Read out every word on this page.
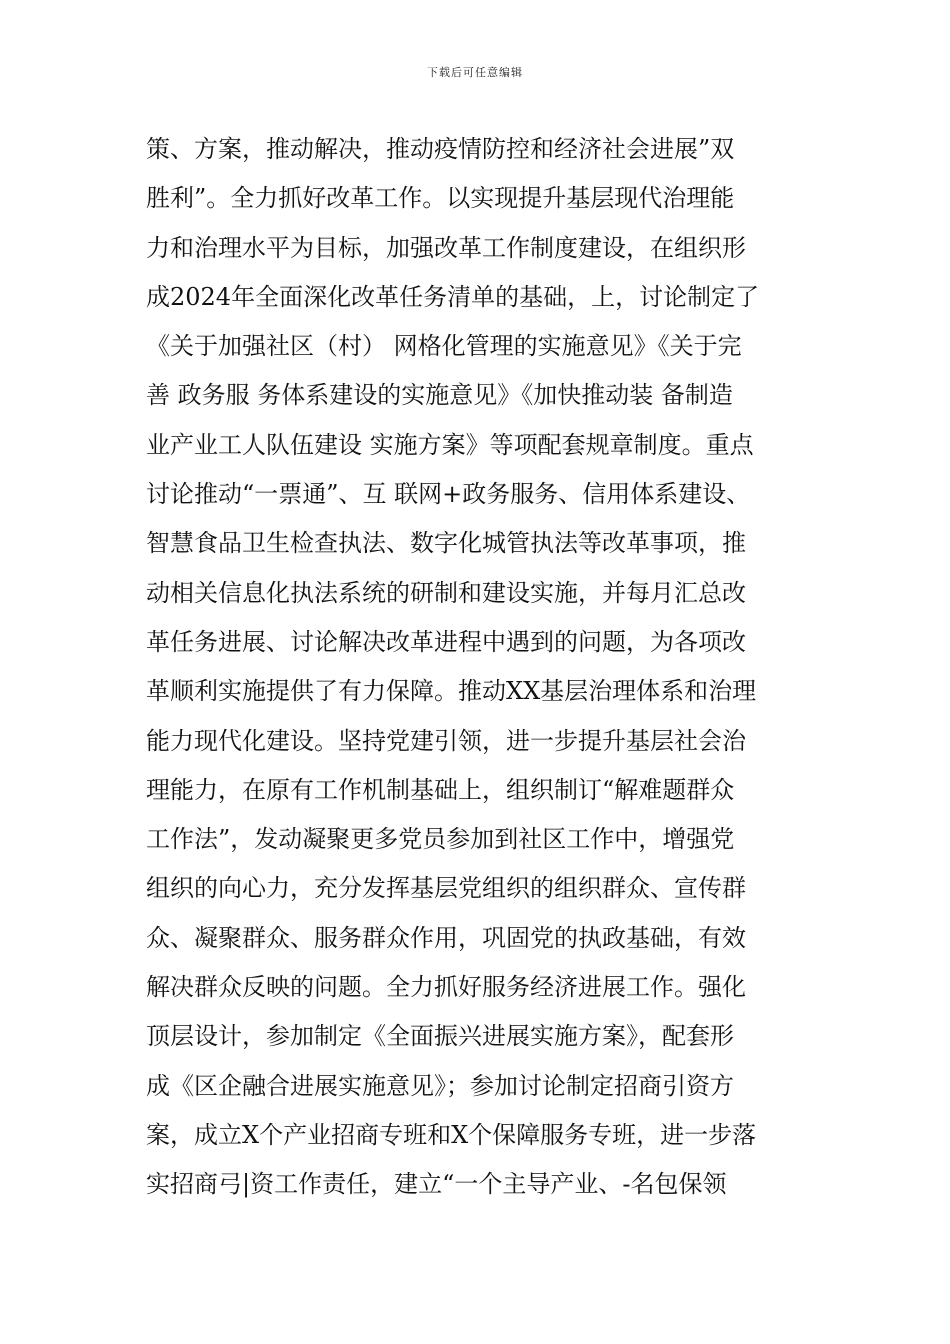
下载后可任意编辑
策、方案，推动解决，推动疫情防控和经济社会进展”双
胜利”。全力抓好改革工作。以实现提升基层现代治理能
力和治理水平为目标，加强改革工作制度建设，在组织形
成2024年全面深化改革任务清单的基础，上，讨论制定了
《关于加强社区（村） 网格化管理的实施意见》《关于完
善 政务服 务体系建设的实施意见》《加快推动装 备制造
业产业工人队伍建设 实施方案》等项配套规章制度。重点
讨论推动“一票通”、互 联网+政务服务、信用体系建设、
智慧食品卫生检查执法、数字化城管执法等改革事项，推
动相关信息化执法系统的研制和建设实施，并每月汇总改
革任务进展、讨论解决改革进程中遇到的问题，为各项改
革顺利实施提供了有力保障。推动XX基层治理体系和治理
能力现代化建设。坚持党建引领，进一步提升基层社会治
理能力，在原有工作机制基础上，组织制订“解难题群众
工作法”，发动凝聚更多党员参加到社区工作中，增强党
组织的向心力，充分发挥基层党组织的组织群众、宣传群
众、凝聚群众、服务群众作用，巩固党的执政基础，有效
解决群众反映的问题。全力抓好服务经济进展工作。强化
顶层设计，参加制定《全面振兴进展实施方案》，配套形
成《区企融合进展实施意见》；参加讨论制定招商引资方
案，成立X个产业招商专班和X个保障服务专班，进一步落
实招商弓|资工作责任，建立“一个主导产业、-名包保领
